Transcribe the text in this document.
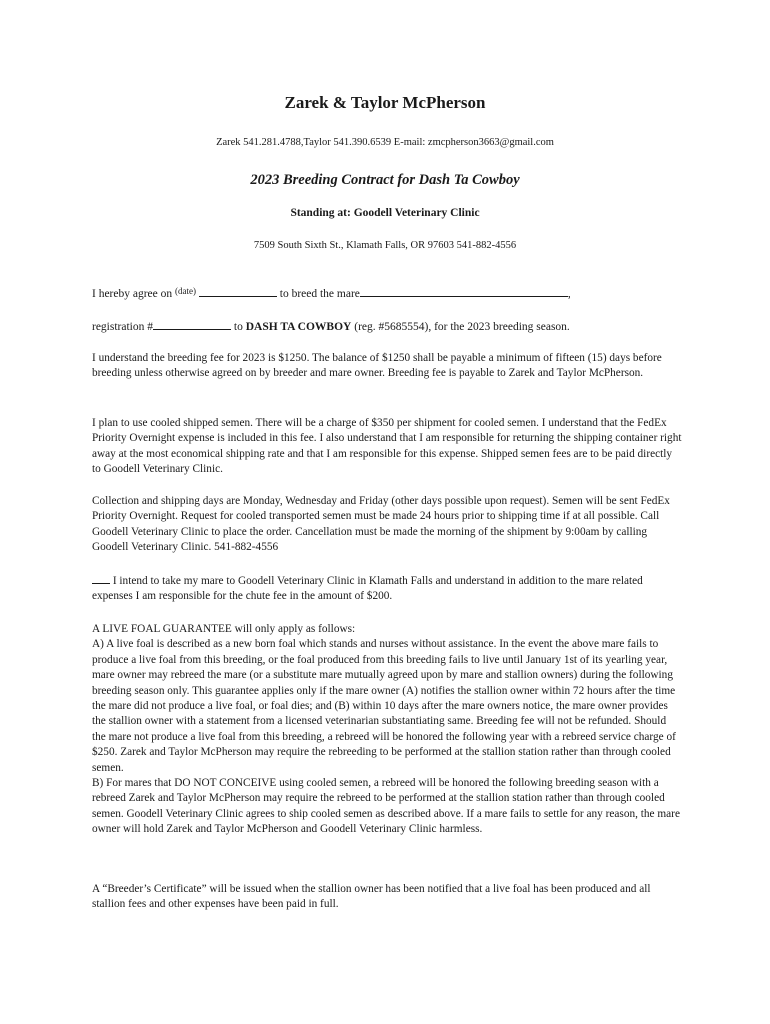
Zarek & Taylor McPherson
Zarek 541.281.4788,Taylor 541.390.6539 E-mail: zmcpherson3663@gmail.com
2023 Breeding Contract for Dash Ta Cowboy
Standing at: Goodell Veterinary Clinic
7509 South Sixth St., Klamath Falls, OR 97603 541-882-4556
I hereby agree on $^{(date)}$	to breed the mare	,
registration #	to DASH TA COWBOY (reg. #5685554), for the 2023 breeding season.

I understand the breeding fee for 2023 is $1250. The balance of $1250 shall be payable a minimum of fifteen (15) days before breeding unless otherwise agreed on by breeder and mare owner. Breeding fee is payable to Zarek and Taylor McPherson.

I plan to use cooled shipped semen. There will be a charge of $350 per shipment for cooled semen. I understand that the FedEx Priority Overnight expense is included in this fee. I also understand that I am responsible for returning the shipping container right away at the most economical shipping rate and that I am responsible for this expense. Shipped semen fees are to be paid directly to Goodell Veterinary Clinic.

Collection and shipping days are Monday, Wednesday and Friday (other days possible upon request). Semen will be sent FedEx Priority Overnight. Request for cooled transported semen must be made 24 hours prior to shipping time if at all possible. Call Goodell Veterinary Clinic to place the order. Cancellation must be made the morning of the shipment by 9:00am by calling Goodell Veterinary Clinic. 541-882-4556

I intend to take my mare to Goodell Veterinary Clinic in Klamath Falls and understand in addition to the mare related expenses I am responsible for the chute fee in the amount of $200.

A LIVE FOAL GUARANTEE will only apply as follows:

A) A live foal is described as a new born foal which stands and nurses without assistance. In the event the above mare fails to produce a live foal from this breeding, or the foal produced from this breeding fails to live until January 1st of its yearling year, mare owner may rebreed the mare (or a substitute mare mutually agreed upon by mare and stallion owners) during the following breeding season only. This guarantee applies only if the mare owner (A) notifies the stallion owner within 72 hours after the time the mare did not produce a live foal, or foal dies; and (B) within 10 days after the mare owners notice, the mare owner provides the stallion owner with a statement from a licensed veterinarian substantiating same. Breeding fee will not be refunded. Should the mare not produce a live foal from this breeding, a rebreed will be honored the following year with a rebreed service charge of $250. Zarek and Taylor McPherson may require the rebreeding to be performed at the stallion station rather than through cooled semen.

B) For mares that DO NOT CONCEIVE using cooled semen, a rebreed will be honored the following breeding season with a rebreed Zarek and Taylor McPherson may require the rebreed to be performed at the stallion station rather than through cooled semen. Goodell Veterinary Clinic agrees to ship cooled semen as described above. If a mare fails to settle for any reason, the mare owner will hold Zarek and Taylor McPherson and Goodell Veterinary Clinic harmless.

A “Breeder’s Certificate” will be issued when the stallion owner has been notified that a live foal has been produced and all stallion fees and other expenses have been paid in full.
